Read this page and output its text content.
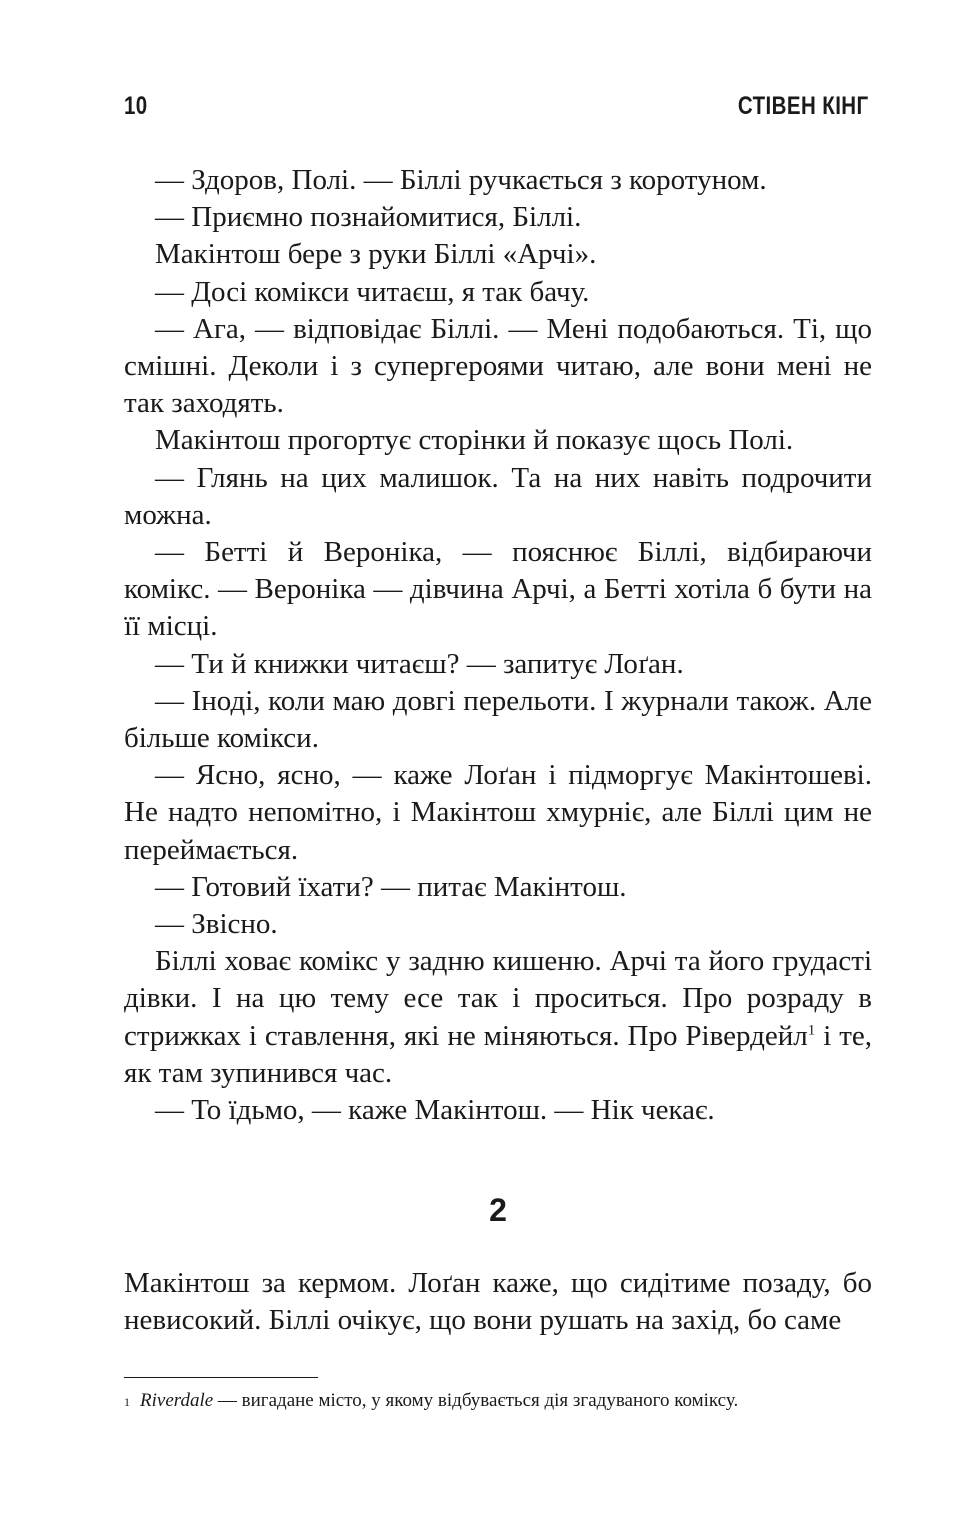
10	СТІВЕН КІНГ

— Здоров, Полі. — Біллі ручкається з коротуном.

— Приємно познайомитися, Біллі.

Макінтош бере з руки Біллі «Арчі».

— Досі комікси читаєш, я так бачу.

— Ага, — відповідає Біллі. — Мені подобаються. Ті, що смішні. Деколи і з супергероями читаю, але вони мені не так заходять.

Макінтош прогортує сторінки й показує щось Полі.

— Глянь на цих малишок. Та на них навіть подрочити можна.

— Бетті й Вероніка, — пояснює Біллі, відбираючи комікс. — Вероніка — дівчина Арчі, а Бетті хотіла б бути на її місці.

— Ти й книжки читаєш? — запитує Лоґан.

— Іноді, коли маю довгі перельоти. І журнали також. Але більше комікси.

— Ясно, ясно, — каже Лоґан і підморгує Макінтошеві. Не надто непомітно, і Макінтош хмурніє, але Біллі цим не переймається.

— Готовий їхати? — питає Макінтош.

— Звісно.

Біллі ховає комікс у задню кишеню. Арчі та його грудасті дівки. І на цю тему есе так і проситься. Про розраду в стрижках і ставлення, які не міняються. Про Рівердейл$^1$ і те, як там зупинився час.

— То їдьмо, — каже Макінтош. — Нік чекає.

2

Макінтош за кермом. Лоґан каже, що сидітиме позаду, бо невисокий. Біллі очікує, що вони рушать на захід, бо саме

$^1$ Riverdale — вигадане місто, у якому відбувається дія згадуваного коміксу.
